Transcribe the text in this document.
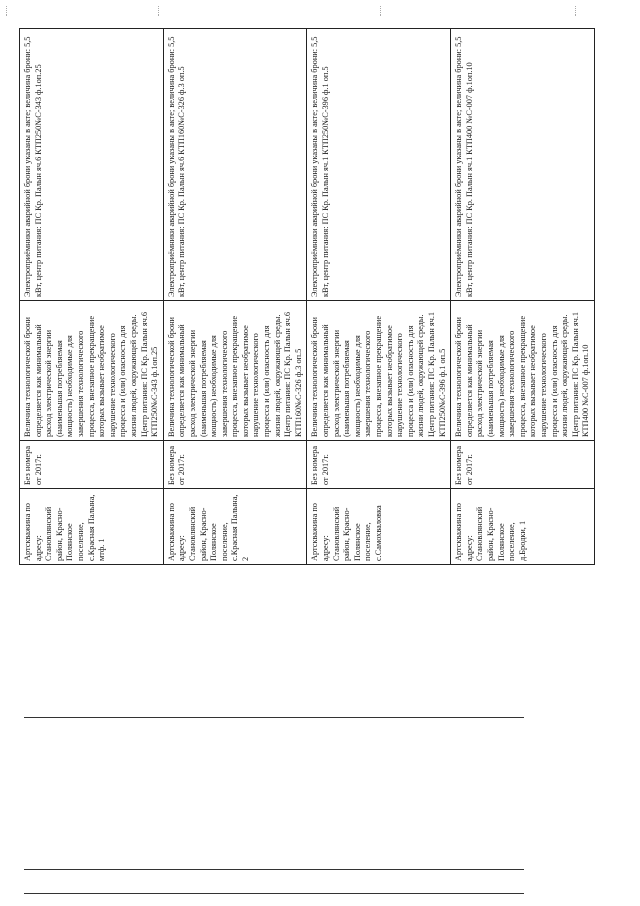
Артскважина по адресу: Становлянский район, Красно-Полянское поселение, с.Красная Палына, мтф. 1	Без номера от 2017г.	Величина технологической брони определяется как минимальный расход электрической энергии (наименьшая потребляемая мощность) необходимые для завершения технологического процесса, внезапное прекращение которых вызывает необратимое нарушение технологического процесса и (или) опасность для жизни людей, окружающей среды. Центр питания: ПС Кр. Палын яч.6 КТП250№С-343 ф.1оп.25	Электроприёмники аварийной брони указаны в акте; величина брони: 5,5 кВт, центр питания: ПС Кр. Палын яч.6 КТП250№С-343 ф.1оп.25
Артскважина по адресу: Становлянский район, Красно-Полянское поселение, с.Красная Палына, 2	Без номера от 2017г.	Величина технологической брони определяется как минимальный расход электрической энергии (наименьшая потребляемая мощность) необходимые для завершения технологического процесса, внезапное прекращение которых вызывает необратимое нарушение технологического процесса и (или) опасность для жизни людей, окружающей среды. Центр питания: ПС Кр. Палын яч.6 КТП160№С-326 ф.3 оп.5	Электроприёмники аварийной брони указаны в акте; величина брони: 5,5 кВт, центр питания: ПС Кр. Палын яч.6 КТП160№С-326 ф.3 оп.5
Артскважина по адресу: Становлянский район, Красно-Полянское поселение, с.Самохваловка	Без номера от 2017г.	Величина технологической брони определяется как минимальный расход электрической энергии (наименьшая потребляемая мощность) необходимые для завершения технологического процесса, внезапное прекращение которых вызывает необратимое нарушение технологического процесса и (или) опасность для жизни людей, окружающей среды. Центр питания: ПС Кр. Палын яч.1 КТП250№С-396 ф.1 оп.5	Электроприёмники аварийной брони указаны в акте; величина брони: 5,5 кВт, центр питания: ПС Кр. Палын яч.1 КТП250№С-396 ф.1 оп.5
Артскважина по адресу: Становлянский район, Красно-Полянское поселение, д.Бродки, 1	Без номера от 2017г.	Величина технологической брони определяется как минимальный расход электрической энергии (наименьшая потребляемая мощность) необходимые для завершения технологического процесса, внезапное прекращение которых вызывает необратимое нарушение технологического процесса и (или) опасность для жизни людей, окружающей среды. Центр питания: ПС Кр. Палын яч.1 КТП400 №С-007 ф.1оп.10	Электроприёмники аварийной брони указаны в акте; величина брони: 5,5 кВт, центр питания: ПС Кр. Палын яч.1 КТП400 №С-007 ф.1оп.10
